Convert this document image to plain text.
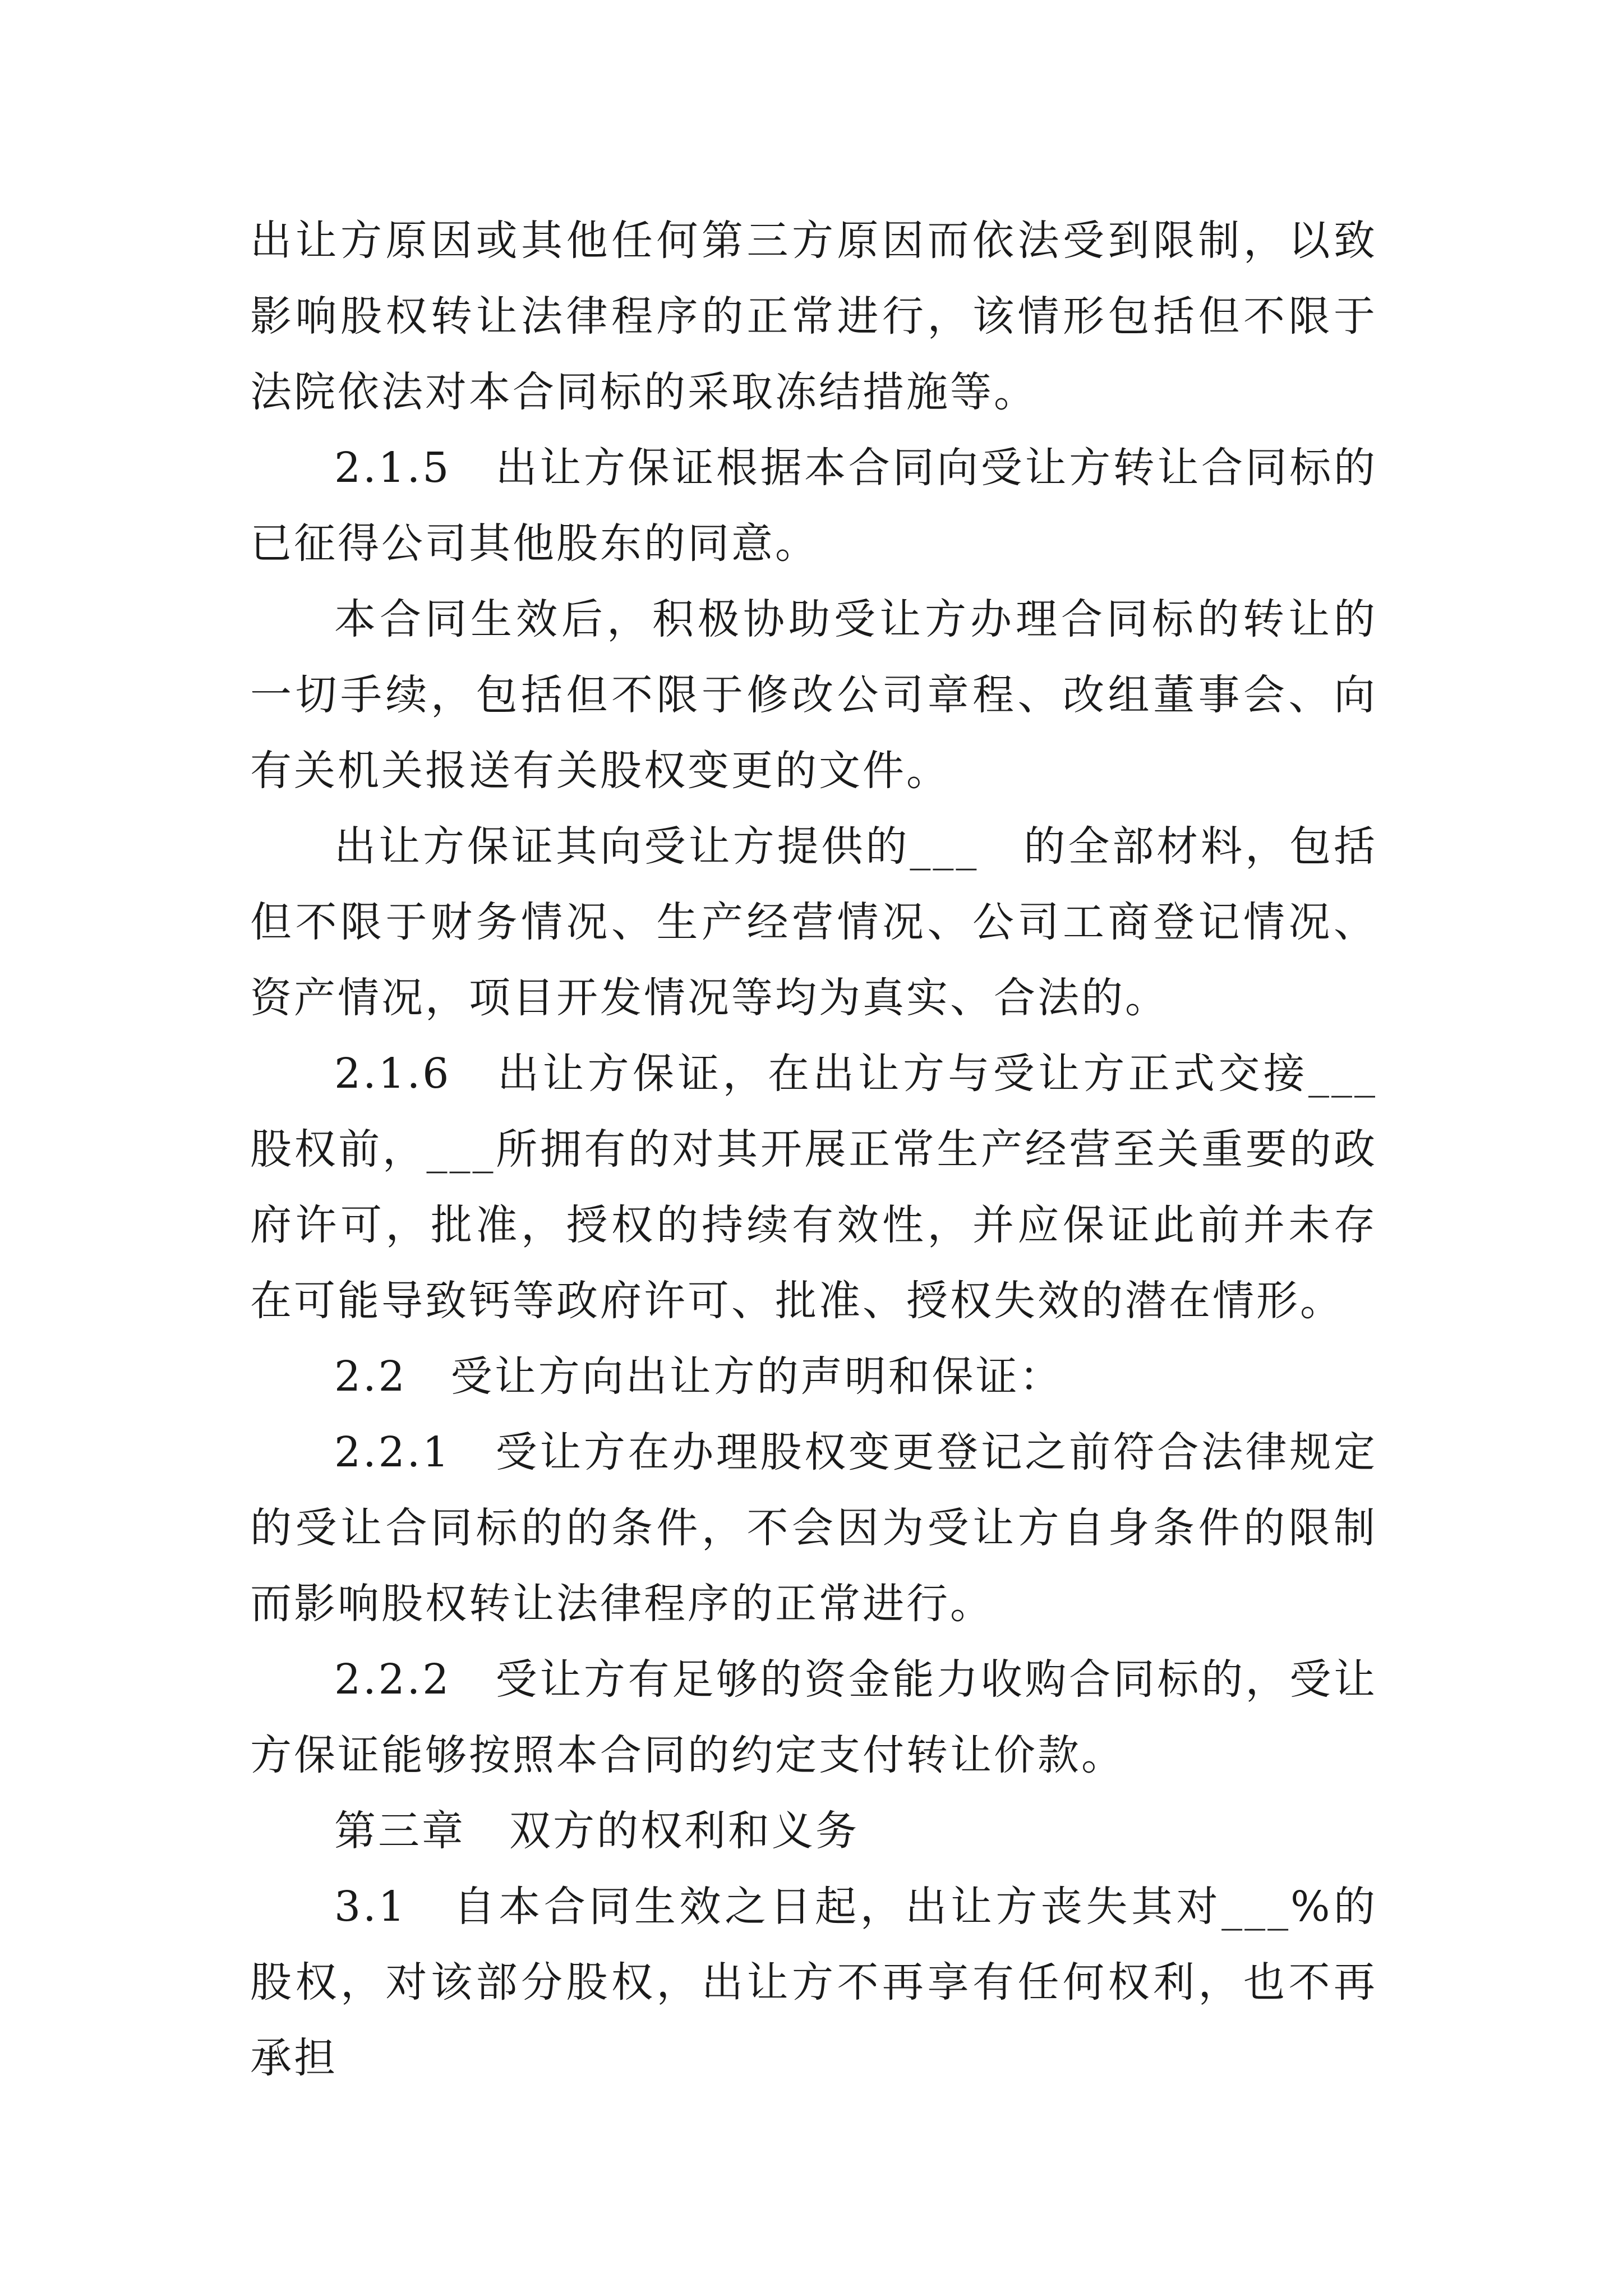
出让方原因或其他任何第三方原因而依法受到限制，以致影响股权转让法律程序的正常进行，该情形包括但不限于法院依法对本合同标的采取冻结措施等。

2.1.5　出让方保证根据本合同向受让方转让合同标的已征得公司其他股东的同意。

本合同生效后，积极协助受让方办理合同标的转让的一切手续，包括但不限于修改公司章程、改组董事会、向有关机关报送有关股权变更的文件。

出让方保证其向受让方提供的___　的全部材料，包括但不限于财务情况、生产经营情况、公司工商登记情况、资产情况，项目开发情况等均为真实、合法的。

2.1.6　出让方保证，在出让方与受让方正式交接___股权前，___所拥有的对其开展正常生产经营至关重要的政府许可，批准，授权的持续有效性，并应保证此前并未存在可能导致钙等政府许可、批准、授权失效的潜在情形。

2.2　受让方向出让方的声明和保证：

2.2.1　受让方在办理股权变更登记之前符合法律规定的受让合同标的的条件，不会因为受让方自身条件的限制而影响股权转让法律程序的正常进行。

2.2.2　受让方有足够的资金能力收购合同标的，受让方保证能够按照本合同的约定支付转让价款。

第三章　双方的权利和义务

3.1　自本合同生效之日起，出让方丧失其对___%的股权，对该部分股权，出让方不再享有任何权利，也不再承担
